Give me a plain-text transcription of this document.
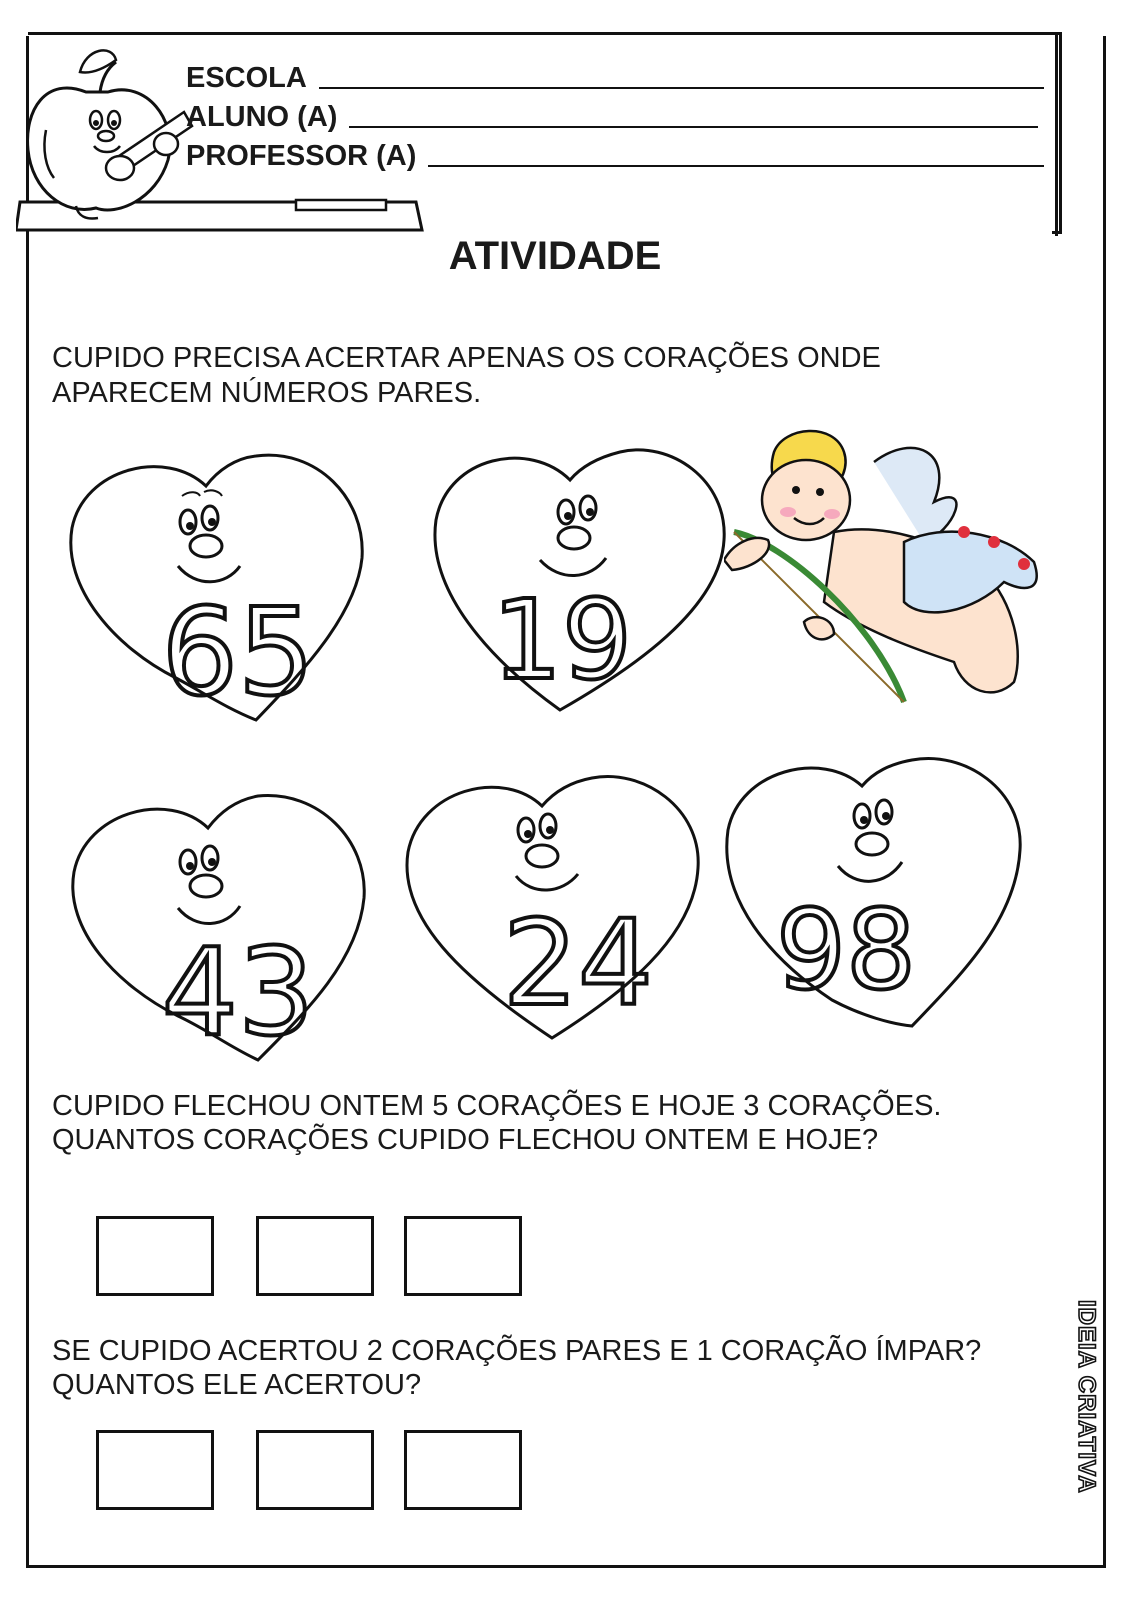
ESCOLA
ALUNO (A)
PROFESSOR (A)
ATIVIDADE
CUPIDO PRECISA ACERTAR APENAS OS CORAÇÕES ONDE
APARECEM NÚMEROS PARES.
65 19
43 24 98
CUPIDO FLECHOU ONTEM 5 CORAÇÕES E HOJE 3 CORAÇÕES.
QUANTOS CORAÇÕES CUPIDO FLECHOU ONTEM E HOJE?
SE CUPIDO ACERTOU 2 CORAÇÕES PARES E 1 CORAÇÃO ÍMPAR?
QUANTOS ELE ACERTOU?	IDEIA CRIATIVA
